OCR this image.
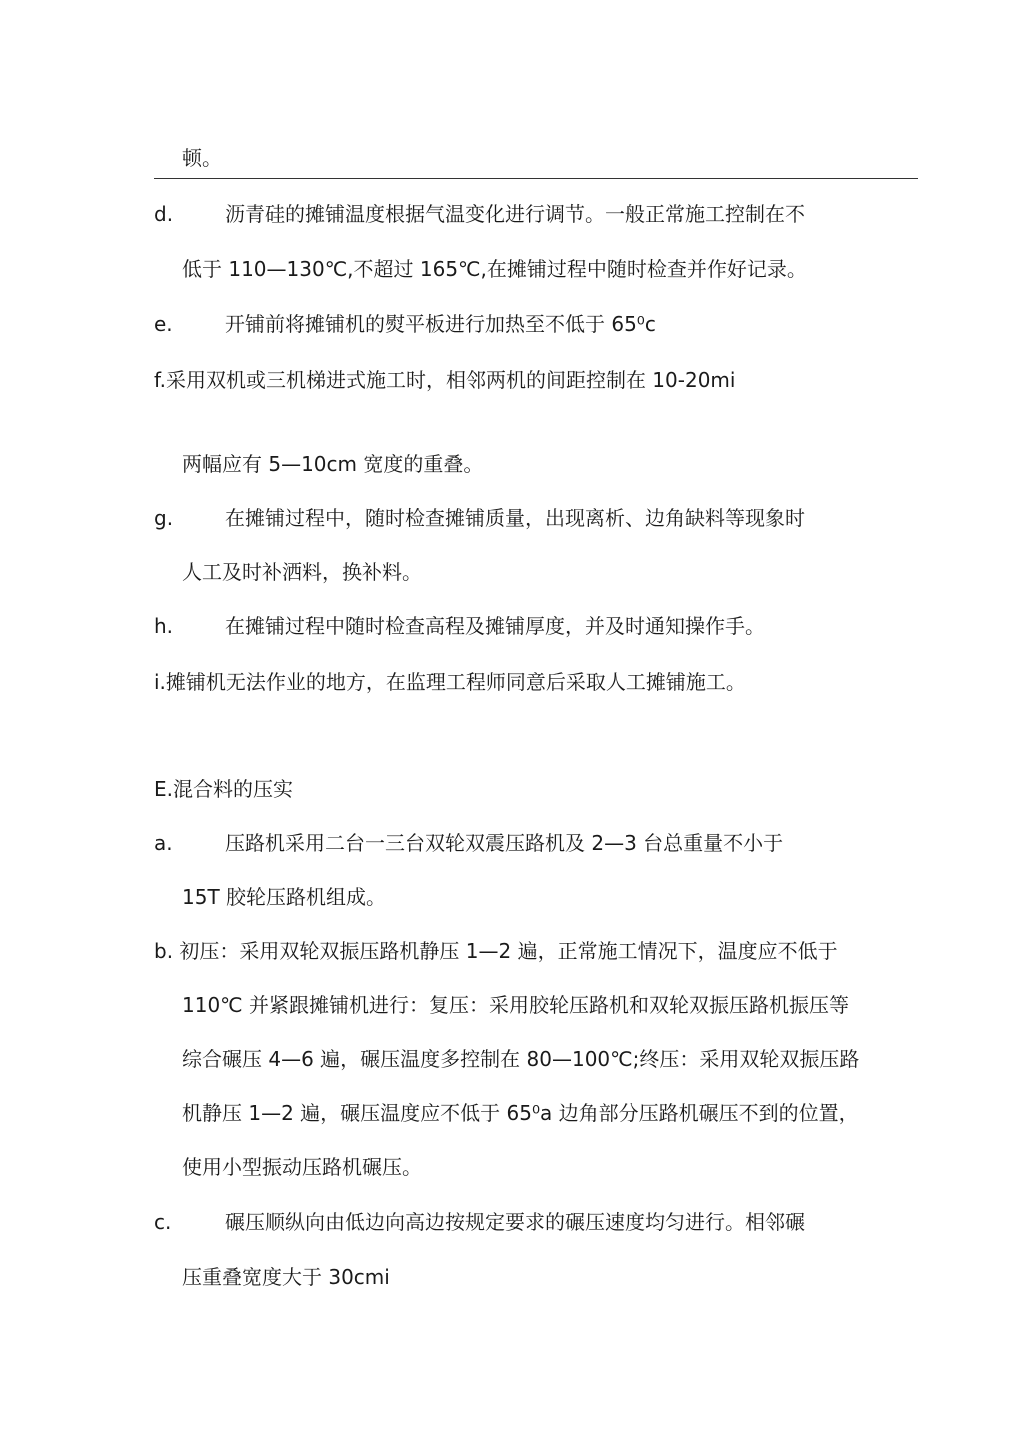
顿。
d.	沥青硅的摊铺温度根据气温变化进行调节。一般正常施工控制在不
低于 110—130℃,不超过 165℃,在摊铺过程中随时检查并作好记录。
e.	开铺前将摊铺机的熨平板进行加热至不低于 65⁰c
f.采用双机或三机梯进式施工时，相邻两机的间距控制在 10-20mi
两幅应有 5—10cm 宽度的重叠。
g.	在摊铺过程中，随时检查摊铺质量，出现离析、边角缺料等现象时
人工及时补洒料，换补料。
h.	在摊铺过程中随时检查高程及摊铺厚度，并及时通知操作手。
i.摊铺机无法作业的地方，在监理工程师同意后采取人工摊铺施工。
E.混合料的压实
a.	压路机采用二台一三台双轮双震压路机及 2—3 台总重量不小于
15T 胶轮压路机组成。
b. 初压：采用双轮双振压路机静压 1—2 遍，正常施工情况下，温度应不低于
110℃ 并紧跟摊铺机进行：复压：采用胶轮压路机和双轮双振压路机振压等
综合碾压 4—6 遍，碾压温度多控制在 80—100℃;终压：采用双轮双振压路
机静压 1—2 遍，碾压温度应不低于 65⁰a 边角部分压路机碾压不到的位置，
使用小型振动压路机碾压。
c.	碾压顺纵向由低边向高边按规定要求的碾压速度均匀进行。相邻碾
压重叠宽度大于 30cmi
